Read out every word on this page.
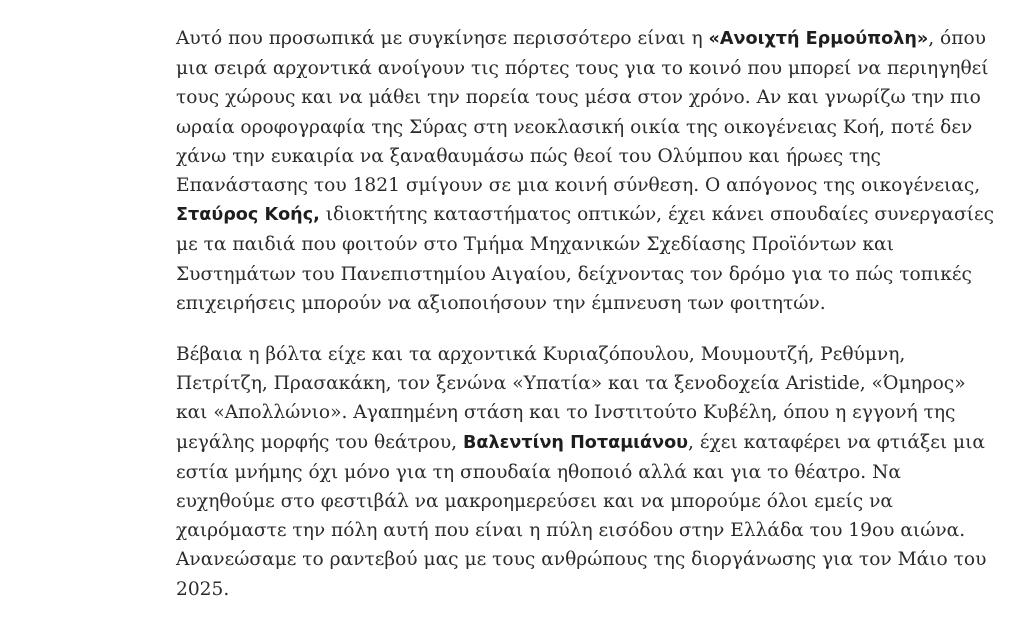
Αυτό που προσωπικά με συγκίνησε περισσότερο είναι η «Ανοιχτή Ερμούπολη», όπου μια σειρά αρχοντικά ανοίγουν τις πόρτες τους για το κοινό που μπορεί να περιηγηθεί τους χώρους και να μάθει την πορεία τους μέσα στον χρόνο. Αν και γνωρίζω την πιο ωραία οροφογραφία της Σύρας στη νεοκλασική οικία της οικογένειας Κοή, ποτέ δεν χάνω την ευκαιρία να ξαναθαυμάσω πώς θεοί του Ολύμπου και ήρωες της Επανάστασης του 1821 σμίγουν σε μια κοινή σύνθεση. Ο απόγονος της οικογένειας, Σταύρος Κοής, ιδιοκτήτης καταστήματος οπτικών, έχει κάνει σπουδαίες συνεργασίες με τα παιδιά που φοιτούν στο Τμήμα Μηχανικών Σχεδίασης Προϊόντων και Συστημάτων του Πανεπιστημίου Αιγαίου, δείχνοντας τον δρόμο για το πώς τοπικές επιχειρήσεις μπορούν να αξιοποιήσουν την έμπνευση των φοιτητών.

Βέβαια η βόλτα είχε και τα αρχοντικά Κυριαζόπουλου, Μουμουτζή, Ρεθύμνη, Πετρίτζη, Πρασακάκη, τον ξενώνα «Υπατία» και τα ξενοδοχεία Aristide, «Όμηρος» και «Απολλώνιο». Αγαπημένη στάση και το Ινστιτούτο Κυβέλη, όπου η εγγονή της μεγάλης μορφής του θεάτρου, Βαλεντίνη Ποταμιάνου, έχει καταφέρει να φτιάξει μια εστία μνήμης όχι μόνο για τη σπουδαία ηθοποιό αλλά και για το θέατρο. Να ευχηθούμε στο φεστιβάλ να μακροημερεύσει και να μπορούμε όλοι εμείς να χαιρόμαστε την πόλη αυτή που είναι η πύλη εισόδου στην Ελλάδα του 19ου αιώνα. Ανανεώσαμε το ραντεβού μας με τους ανθρώπους της διοργάνωσης για τον Μάιο του 2025.
